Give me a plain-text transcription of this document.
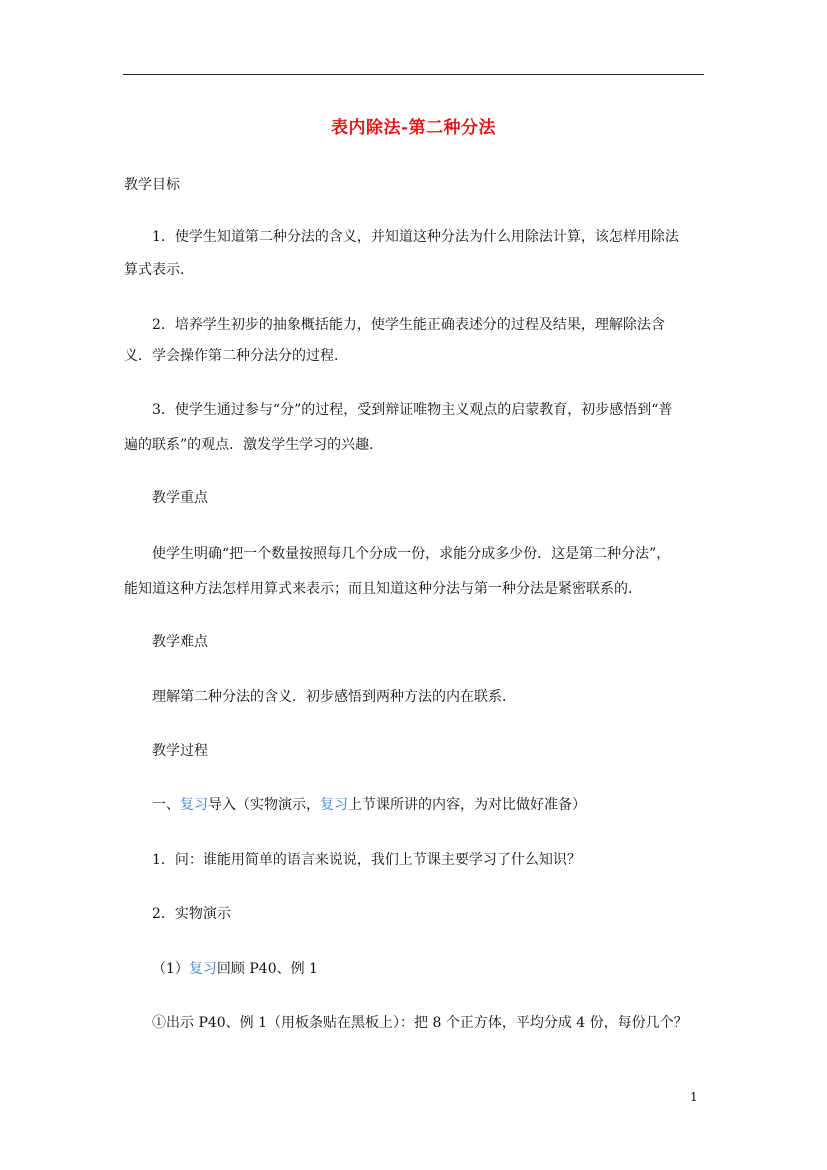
表内除法-第二种分法
教学目标
1．使学生知道第二种分法的含义，并知道这种分法为什么用除法计算，该怎样用除法
算式表示．
2．培养学生初步的抽象概括能力，使学生能正确表述分的过程及结果，理解除法含
义．学会操作第二种分法分的过程．
3．使学生通过参与“分”的过程，受到辩证唯物主义观点的启蒙教育，初步感悟到“普
遍的联系”的观点．激发学生学习的兴趣．
教学重点
使学生明确“把一个数量按照每几个分成一份，求能分成多少份．这是第二种分法”，
能知道这种方法怎样用算式来表示；而且知道这种分法与第一种分法是紧密联系的．
教学难点
理解第二种分法的含义．初步感悟到两种方法的内在联系．
教学过程
一、复习导入（实物演示，复习上节课所讲的内容，为对比做好准备）
1．问：谁能用简单的语言来说说，我们上节课主要学习了什么知识？
2．实物演示
（1）复习回顾 P40、例 1
①出示 P40、例 1（用板条贴在黑板上）：把 8 个正方体，平均分成 4 份，每份几个？
1
